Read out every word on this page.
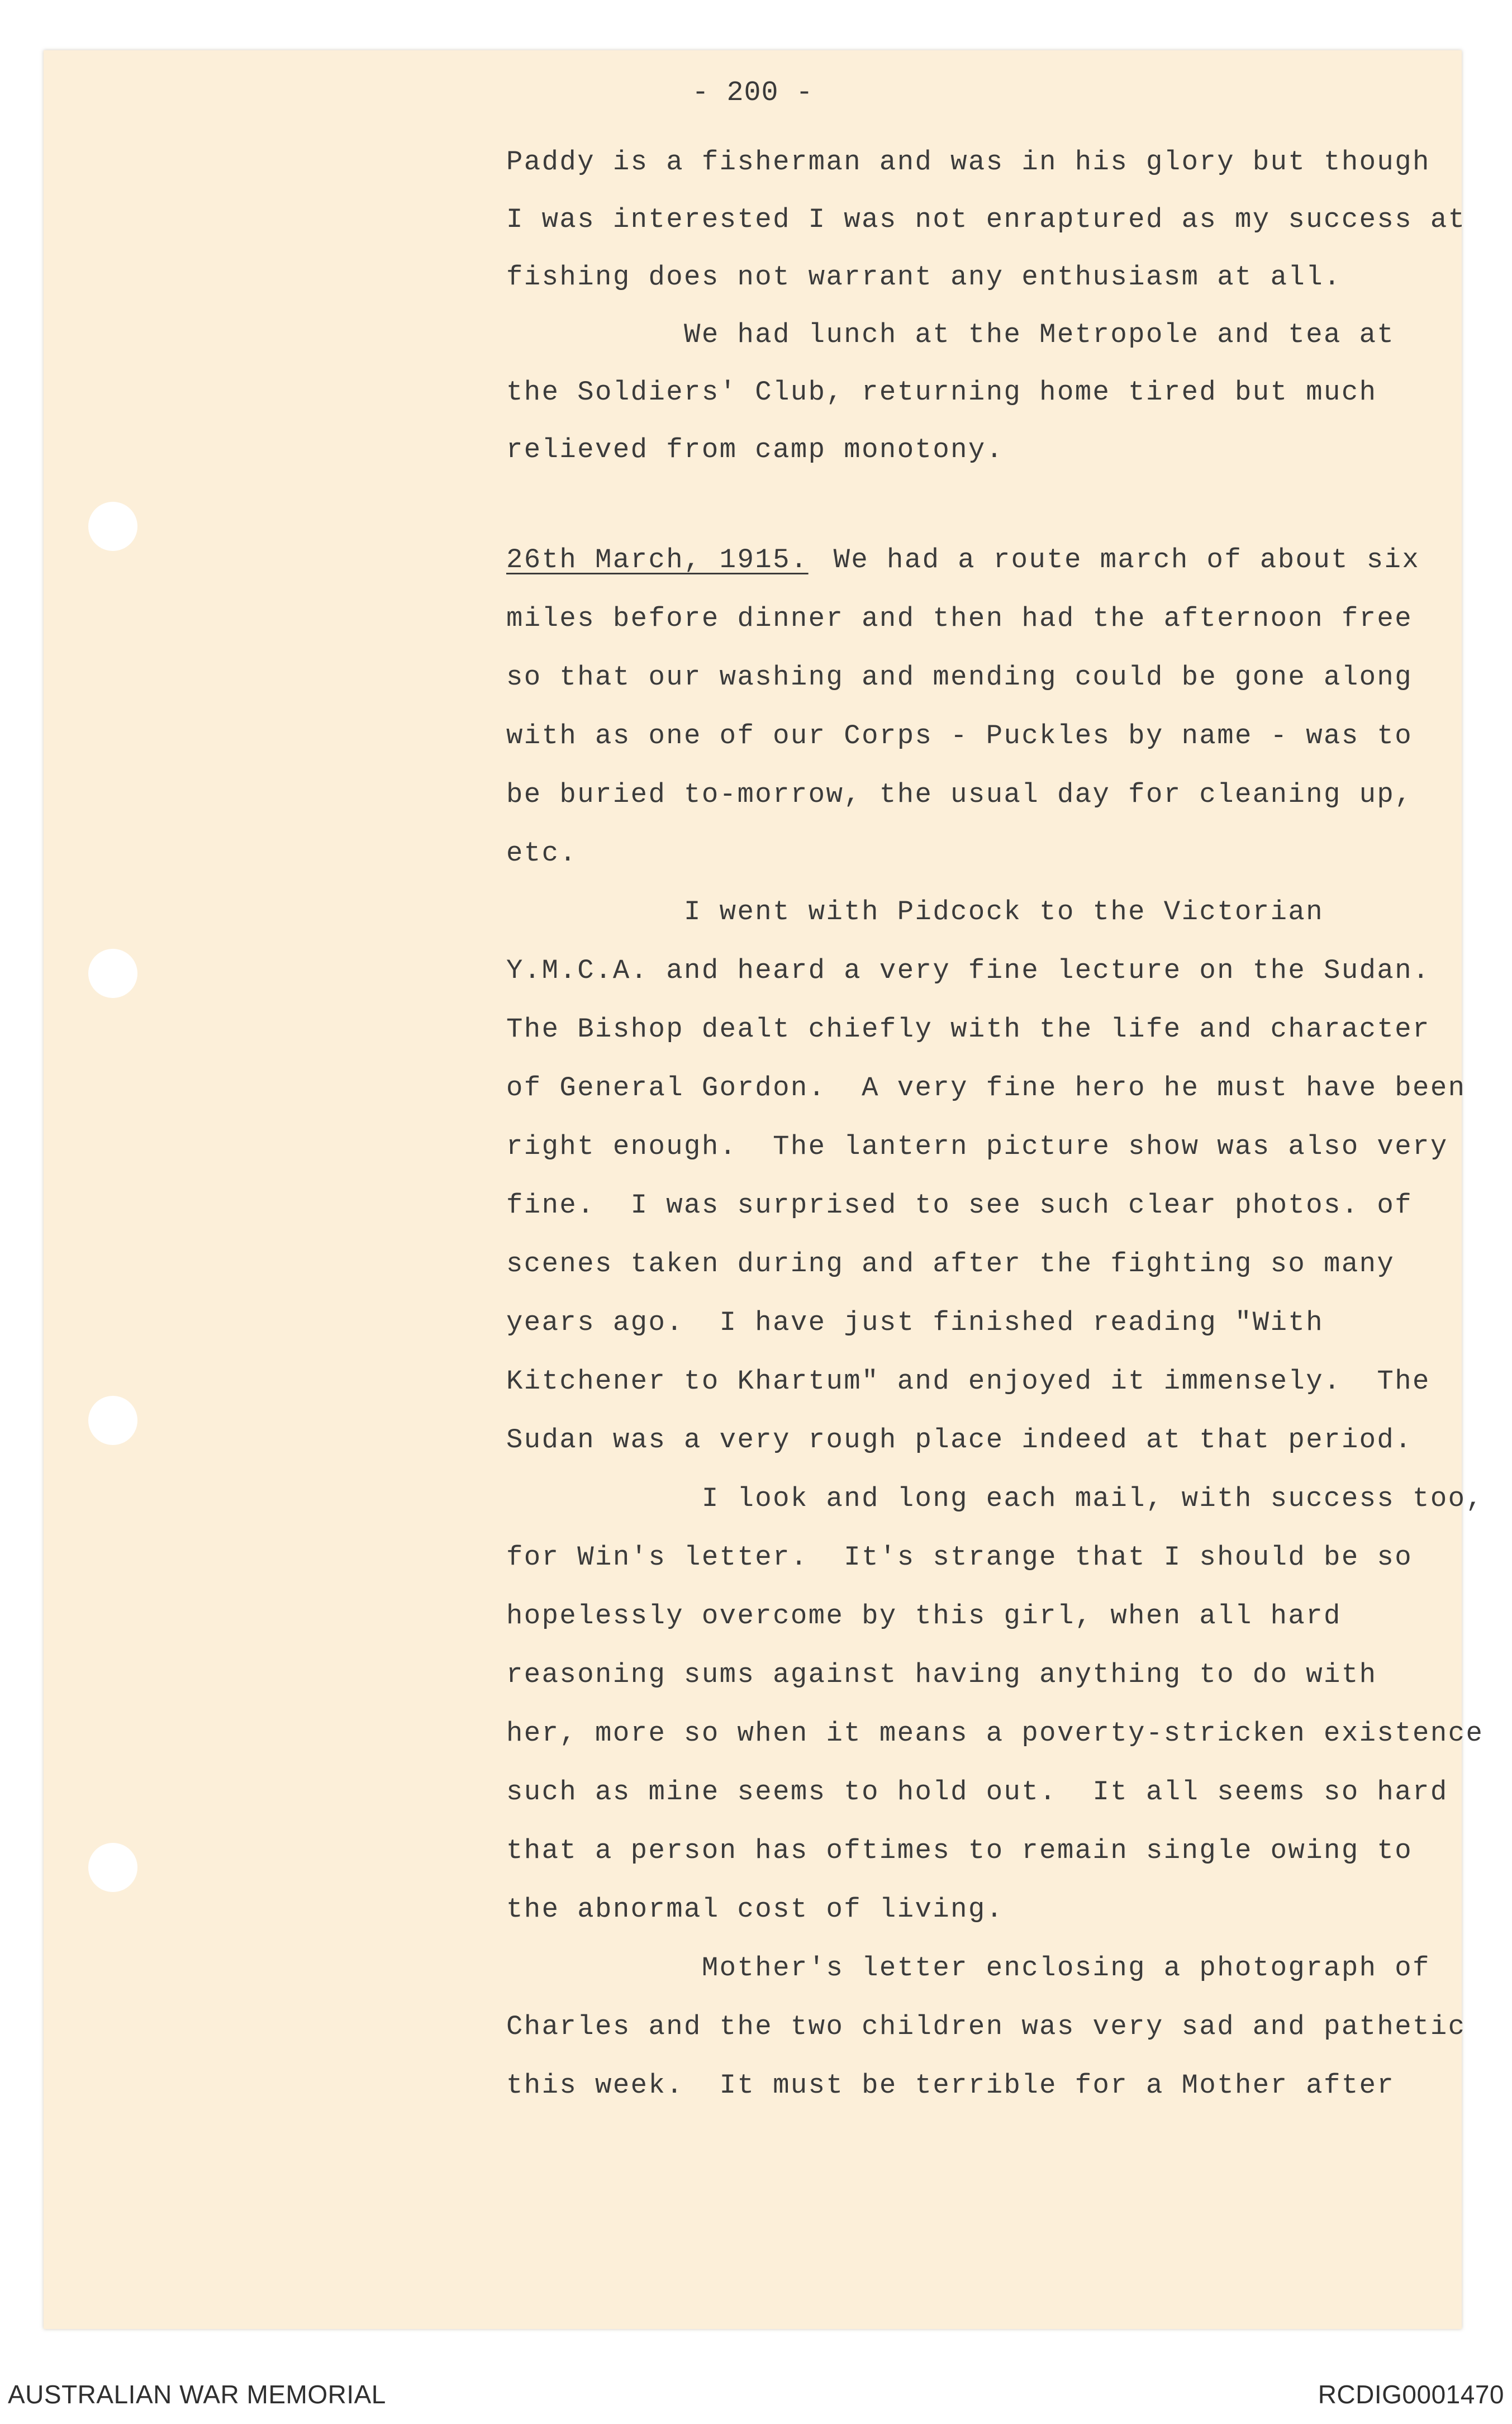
- 200 -
Paddy is a fisherman and was in his glory but though
I was interested I was not enraptured as my success at
fishing does not warrant any enthusiasm at all.
We had lunch at the Metropole and tea at
the Soldiers' Club, returning home tired but much
relieved from camp monotony.
26th March, 1915.
We had a route march of about six
miles before dinner and then had the afternoon free
so that our washing and mending could be gone along
with as one of our Corps - Puckles by name - was to
be buried to-morrow, the usual day for cleaning up,
etc.
I went with Pidcock to the Victorian
Y.M.C.A. and heard a very fine lecture on the Sudan.
The Bishop dealt chiefly with the life and character
of General Gordon.  A very fine hero he must have been
right enough.  The lantern picture show was also very
fine.  I was surprised to see such clear photos. of
scenes taken during and after the fighting so many
years ago.  I have just finished reading "With
Kitchener to Khartum" and enjoyed it immensely.  The
Sudan was a very rough place indeed at that period.
I look and long each mail, with success too,
for Win's letter.  It's strange that I should be so
hopelessly overcome by this girl, when all hard
reasoning sums against having anything to do with
her, more so when it means a poverty-stricken existence
such as mine seems to hold out.  It all seems so hard
that a person has oftimes to remain single owing to
the abnormal cost of living.
Mother's letter enclosing a photograph of
Charles and the two children was very sad and pathetic
this week.  It must be terrible for a Mother after
AUSTRALIAN WAR MEMORIAL	RCDIG0001470
